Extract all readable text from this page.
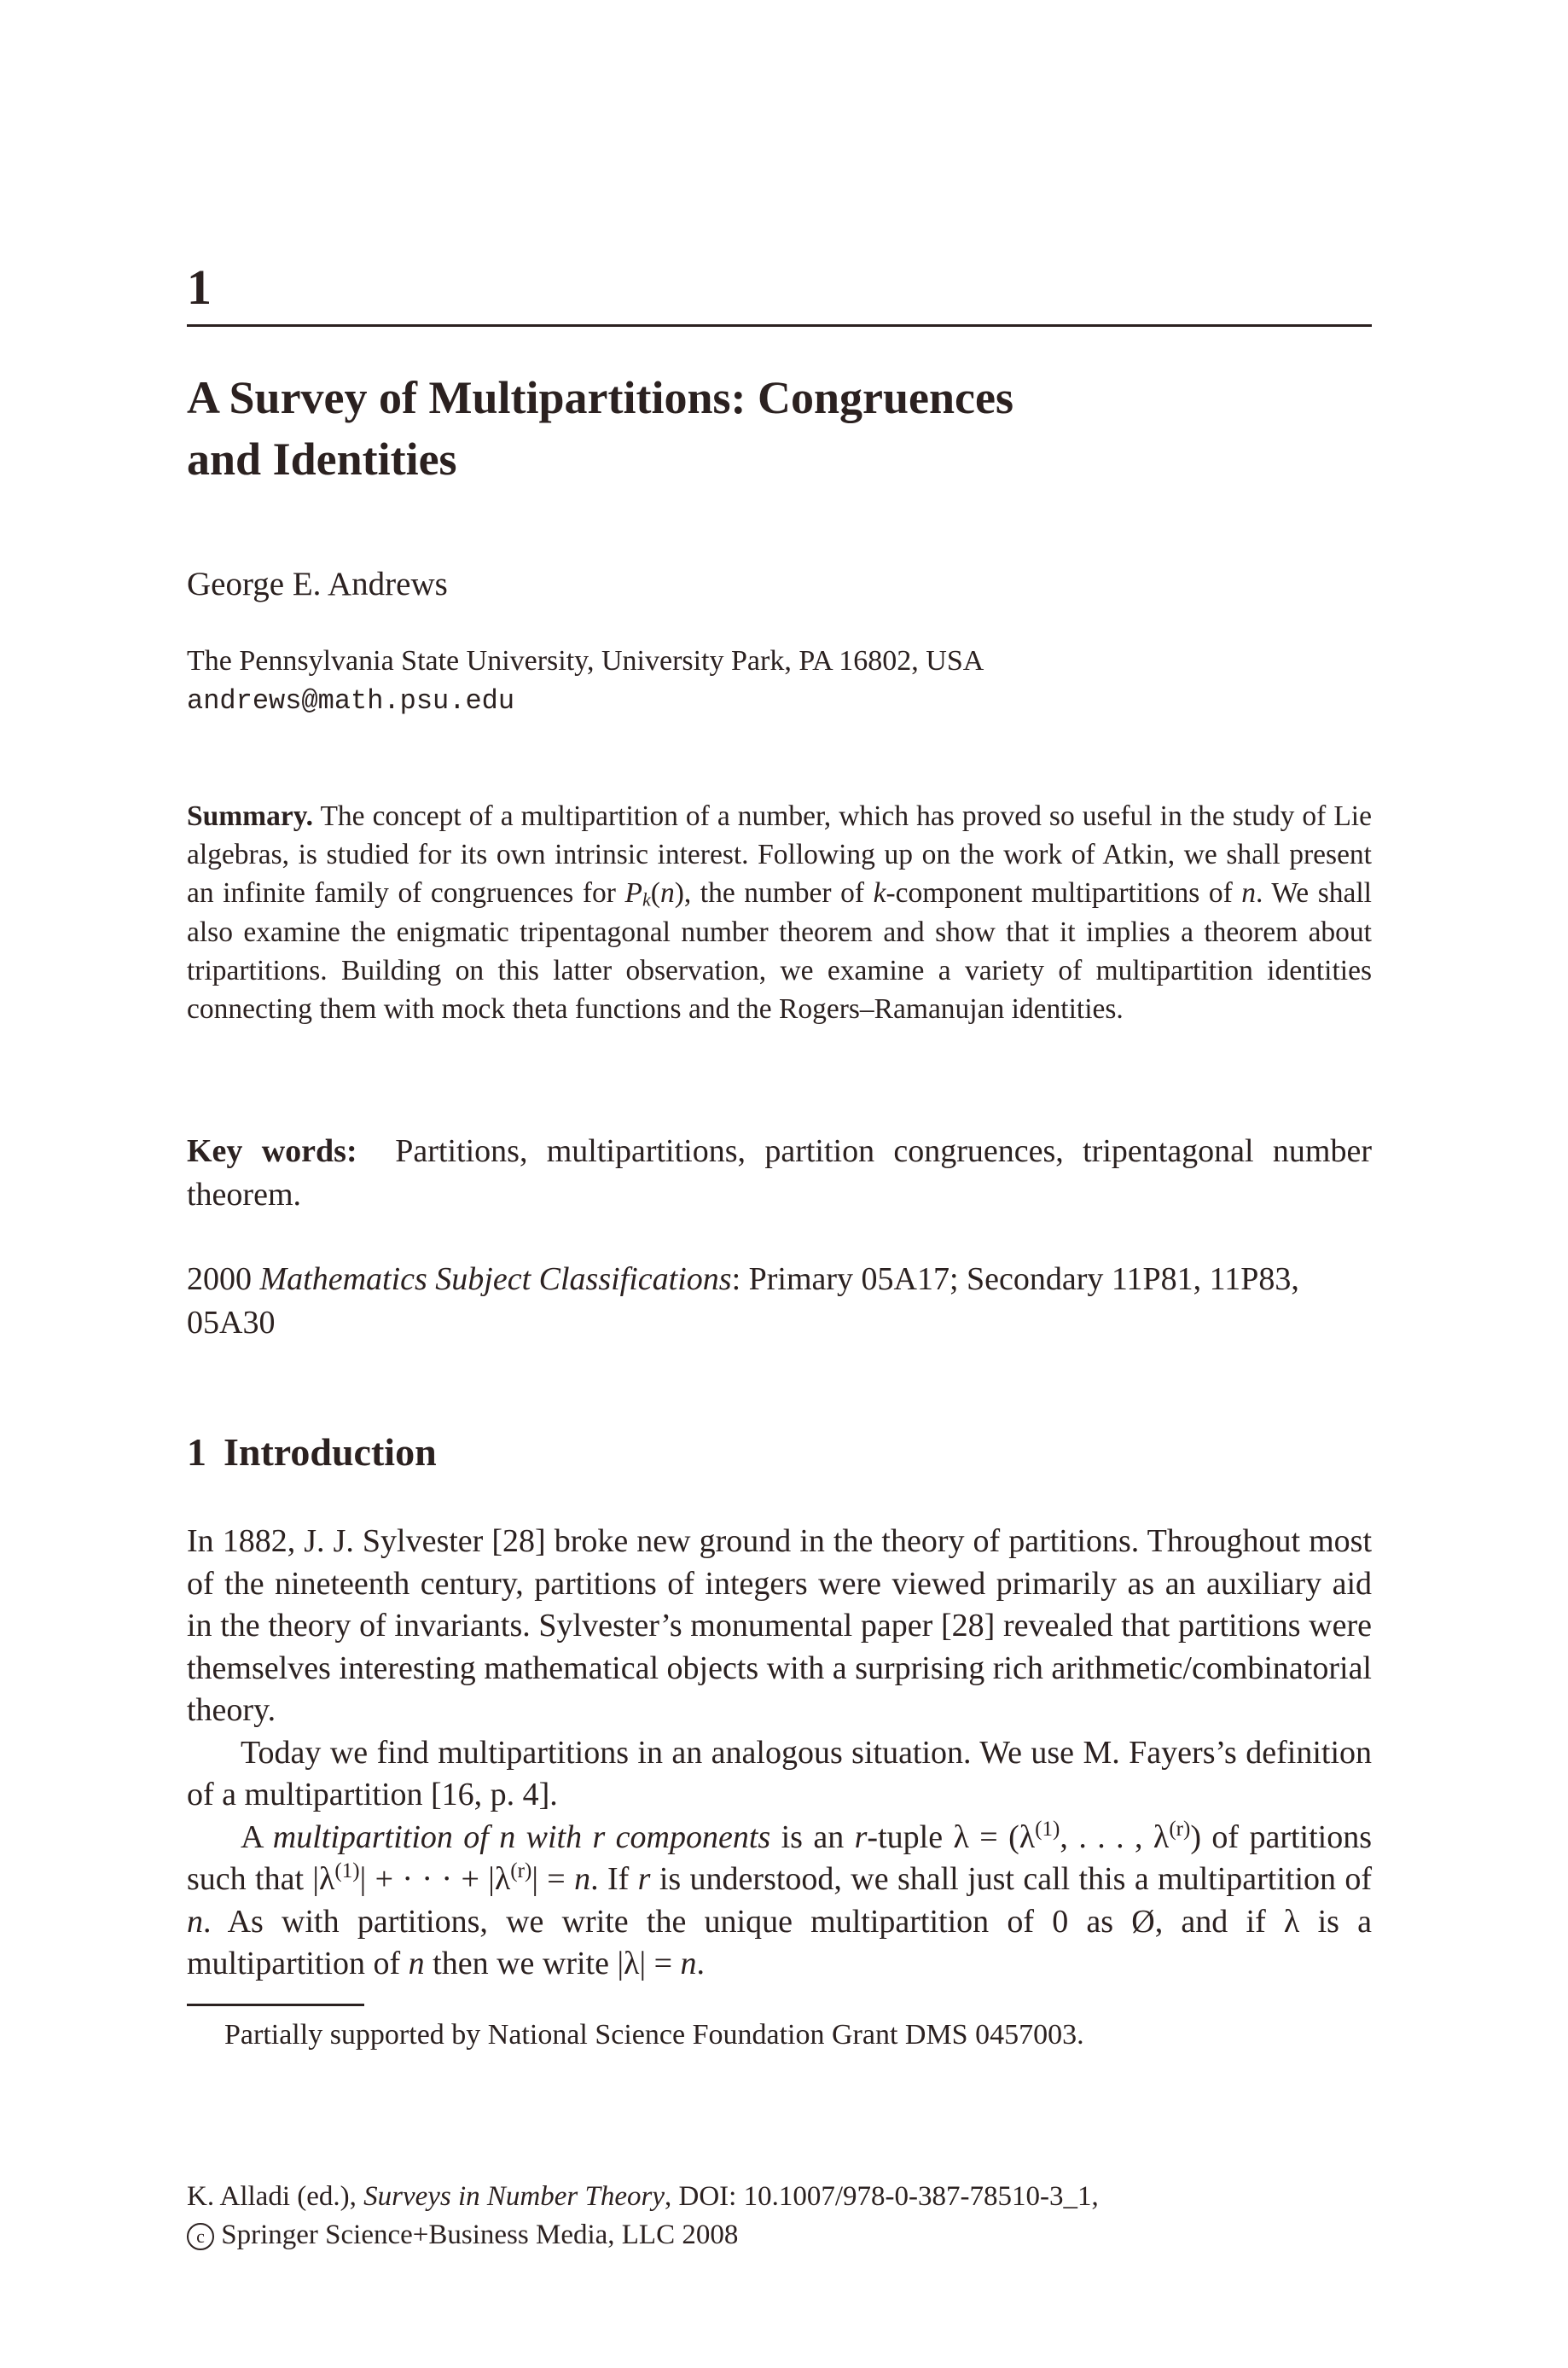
1
A Survey of Multipartitions: Congruences
and Identities
George E. Andrews
The Pennsylvania State University, University Park, PA 16802, USA
andrews@math.psu.edu
Summary. The concept of a multipartition of a number, which has proved so useful in the study of Lie algebras, is studied for its own intrinsic interest. Following up on the work of Atkin, we shall present an infinite family of congruences for $P_k(n)$, the number of k-component multipartitions of n. We shall also examine the enigmatic tripentagonal number theorem and show that it implies a theorem about tripartitions. Building on this latter observation, we examine a variety of multipartition identities connecting them with mock theta functions and the Rogers–Ramanujan identities.
Key words: Partitions, multipartitions, partition congruences, tripentagonal number theorem.
2000 Mathematics Subject Classifications: Primary 05A17; Secondary 11P81, 11P83, 05A30
1 Introduction

In 1882, J. J. Sylvester [28] broke new ground in the theory of partitions. Throughout most of the nineteenth century, partitions of integers were viewed primarily as an auxiliary aid in the theory of invariants. Sylvester’s monumental paper [28] revealed that partitions were themselves interesting mathematical objects with a surprising rich arithmetic/combinatorial theory.

Today we find multipartitions in an analogous situation. We use M. Fayers’s definition of a multipartition [16, p. 4].

A multipartition of n with r components is an r-tuple $\lambda = (\lambda^{(1)}$, . . . , $\lambda^{(r)}$) of partitions such that $|\lambda^{(1)}|$ + · · · + $|\lambda^{(r)}| = n$. If r is understood, we shall just call this a multipartition of n. As with partitions, we write the unique multipartition of 0 as Ø, and if λ is a multipartition of n then we write |λ| = n.

Partially supported by National Science Foundation Grant DMS 0457003.
K. Alladi (ed.), Surveys in Number Theory, DOI: 10.1007/978-0-387-78510-3_1,
c Springer Science+Business Media, LLC 2008
